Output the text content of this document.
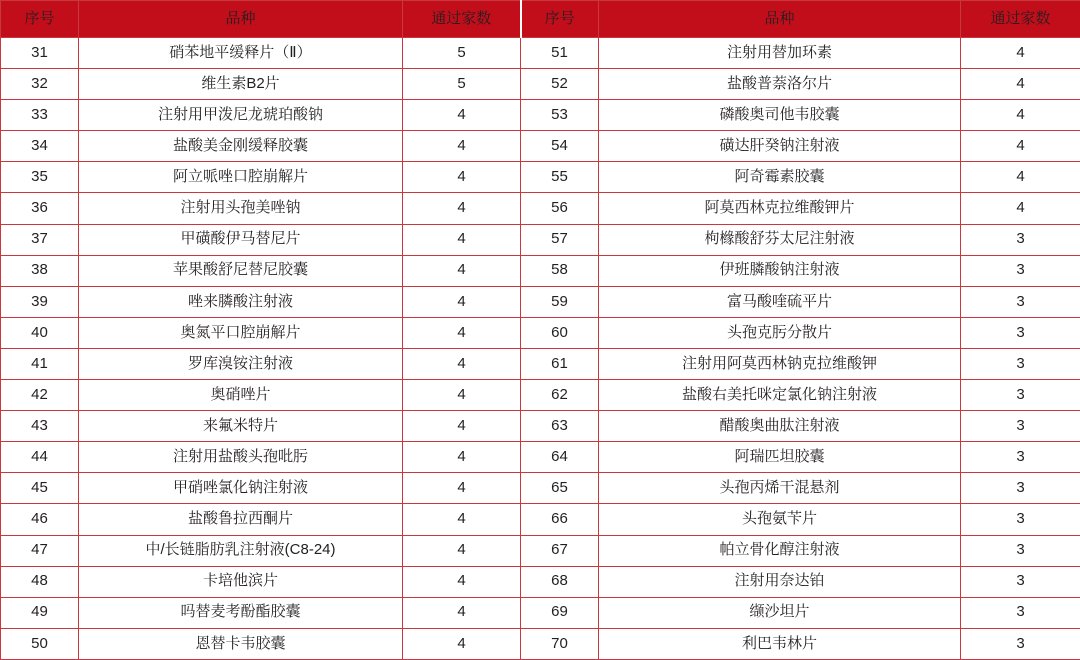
序号	品种	通过家数	序号	品种	通过家数
31	硝苯地平缓释片（Ⅱ）	5	51	注射用替加环素	4
32	维生素B2片	5	52	盐酸普萘洛尔片	4
33	注射用甲泼尼龙琥珀酸钠	4	53	磷酸奥司他韦胶囊	4
34	盐酸美金刚缓释胶囊	4	54	磺达肝癸钠注射液	4
35	阿立哌唑口腔崩解片	4	55	阿奇霉素胶囊	4
36	注射用头孢美唑钠	4	56	阿莫西林克拉维酸钾片	4
37	甲磺酸伊马替尼片	4	57	枸橼酸舒芬太尼注射液	3
38	苹果酸舒尼替尼胶囊	4	58	伊班膦酸钠注射液	3
39	唑来膦酸注射液	4	59	富马酸喹硫平片	3
40	奥氮平口腔崩解片	4	60	头孢克肟分散片	3
41	罗库溴铵注射液	4	61	注射用阿莫西林钠克拉维酸钾	3
42	奥硝唑片	4	62	盐酸右美托咪定氯化钠注射液	3
43	来氟米特片	4	63	醋酸奥曲肽注射液	3
44	注射用盐酸头孢吡肟	4	64	阿瑞匹坦胶囊	3
45	甲硝唑氯化钠注射液	4	65	头孢丙烯干混悬剂	3
46	盐酸鲁拉西酮片	4	66	头孢氨苄片	3
47	中/长链脂肪乳注射液(C8-24)	4	67	帕立骨化醇注射液	3
48	卡培他滨片	4	68	注射用奈达铂	3
49	吗替麦考酚酯胶囊	4	69	缬沙坦片	3
50	恩替卡韦胶囊	4	70	利巴韦林片	3
